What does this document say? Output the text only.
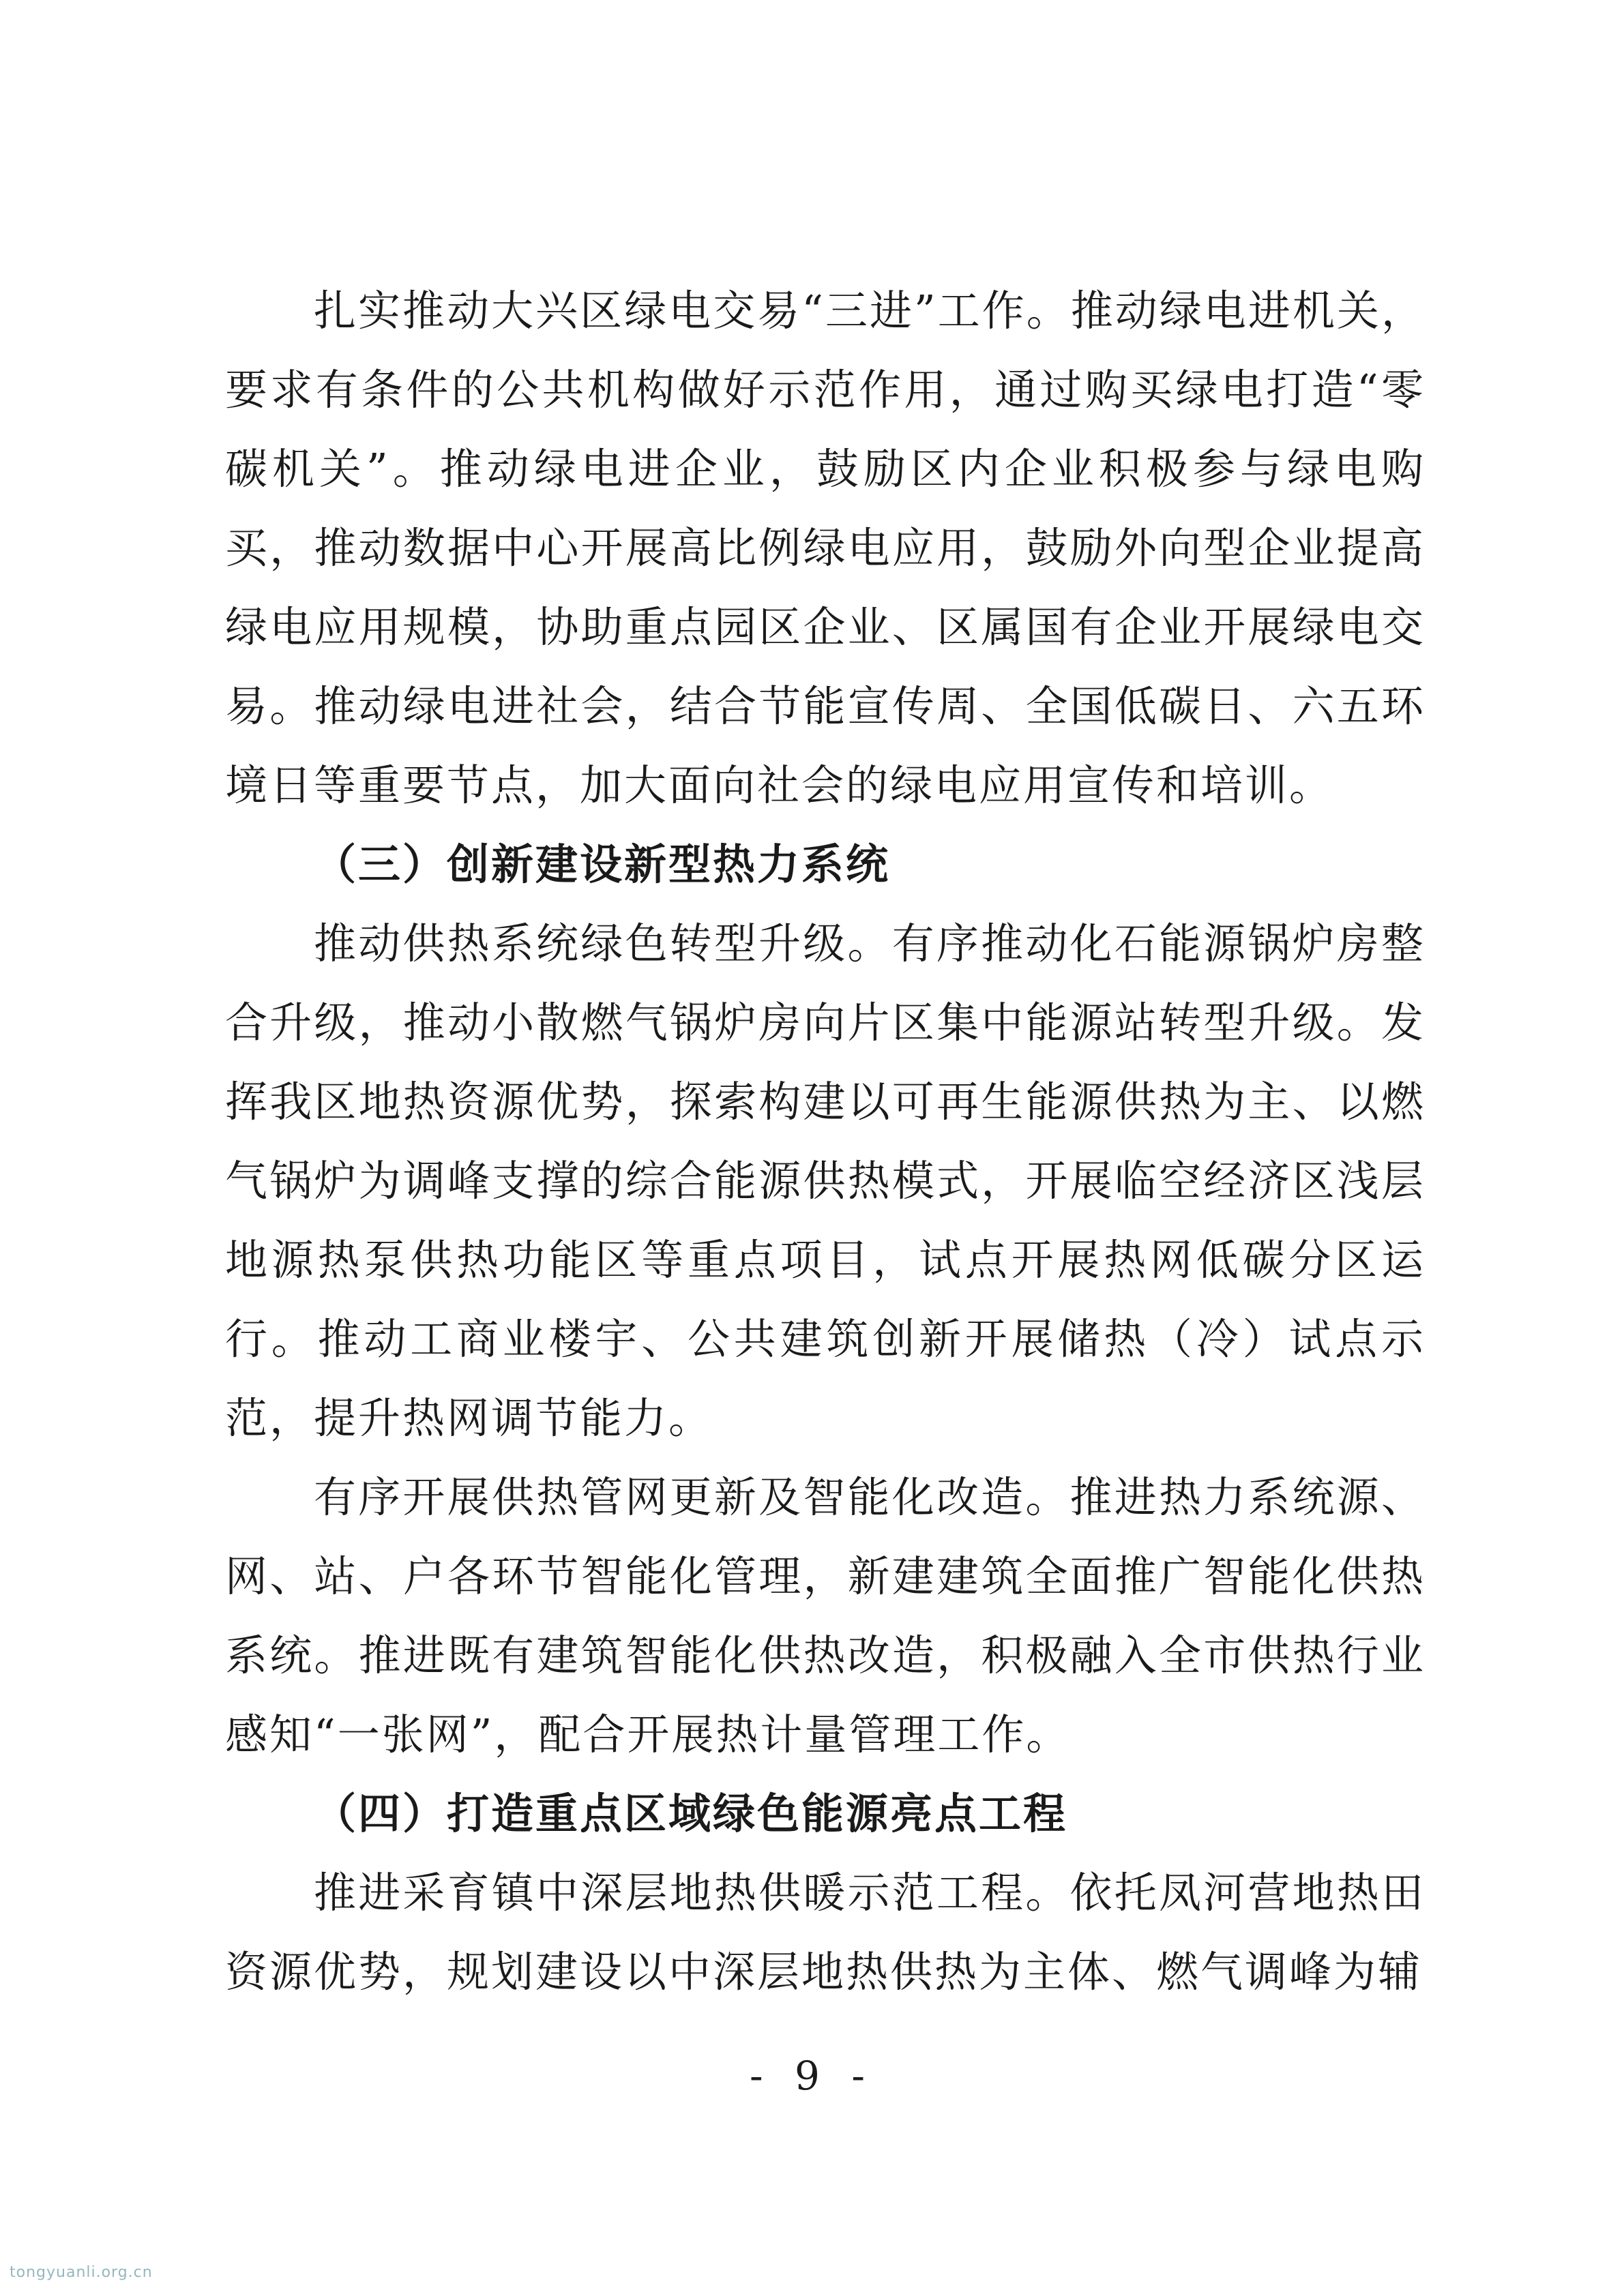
扎实推动大兴区绿电交易“三进”工作。推动绿电进机关，要求有条件的公共机构做好示范作用，通过购买绿电打造“零碳机关”。推动绿电进企业，鼓励区内企业积极参与绿电购买，推动数据中心开展高比例绿电应用，鼓励外向型企业提高绿电应用规模，协助重点园区企业、区属国有企业开展绿电交易。推动绿电进社会，结合节能宣传周、全国低碳日、六五环境日等重要节点，加大面向社会的绿电应用宣传和培训。

（三）创新建设新型热力系统

推动供热系统绿色转型升级。有序推动化石能源锅炉房整合升级，推动小散燃气锅炉房向片区集中能源站转型升级。发挥我区地热资源优势，探索构建以可再生能源供热为主、以燃气锅炉为调峰支撑的综合能源供热模式，开展临空经济区浅层地源热泵供热功能区等重点项目，试点开展热网低碳分区运行。推动工商业楼宇、公共建筑创新开展储热（冷）试点示范，提升热网调节能力。

有序开展供热管网更新及智能化改造。推进热力系统源、网、站、户各环节智能化管理，新建建筑全面推广智能化供热系统。推进既有建筑智能化供热改造，积极融入全市供热行业感知“一张网”，配合开展热计量管理工作。

（四）打造重点区域绿色能源亮点工程

推进采育镇中深层地热供暖示范工程。依托凤河营地热田资源优势，规划建设以中深层地热供热为主体、燃气调峰为辅

- 9 -
tongyuanli.org.cn
